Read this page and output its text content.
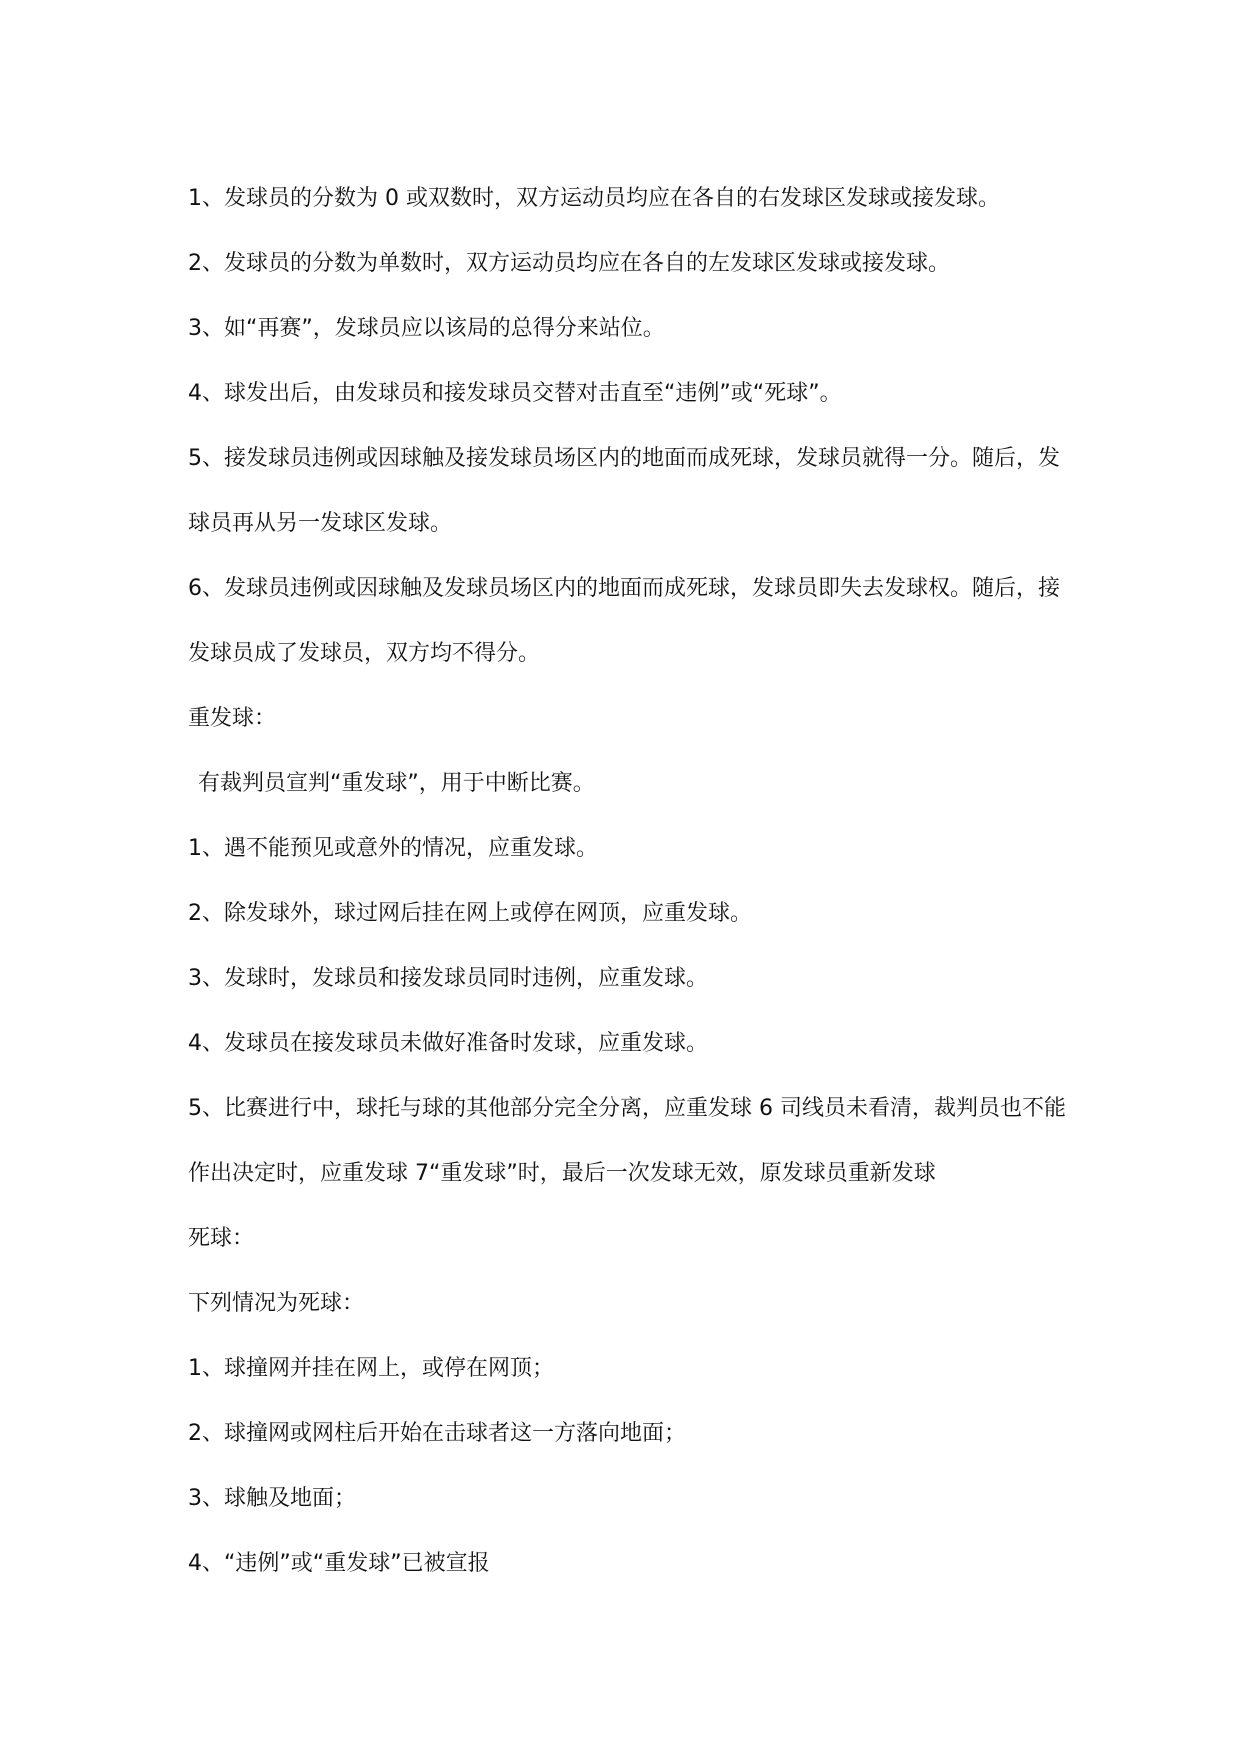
1、发球员的分数为 0 或双数时，双方运动员均应在各自的右发球区发球或接发球。

2、发球员的分数为单数时，双方运动员均应在各自的左发球区发球或接发球。

3、如“再赛”，发球员应以该局的总得分来站位。

4、球发出后，由发球员和接发球员交替对击直至“违例”或“死球”。

5、接发球员违例或因球触及接发球员场区内的地面而成死球，发球员就得一分。随后，发

球员再从另一发球区发球。

6、发球员违例或因球触及发球员场区内的地面而成死球，发球员即失去发球权。随后，接

发球员成了发球员，双方均不得分。

重发球：

有裁判员宣判“重发球”，用于中断比赛。

1、遇不能预见或意外的情况，应重发球。

2、除发球外，球过网后挂在网上或停在网顶，应重发球。

3、发球时，发球员和接发球员同时违例，应重发球。

4、发球员在接发球员未做好准备时发球，应重发球。

5、比赛进行中，球托与球的其他部分完全分离，应重发球 6 司线员未看清，裁判员也不能

作出决定时，应重发球 7“重发球”时，最后一次发球无效，原发球员重新发球

死球：

下列情况为死球：

1、球撞网并挂在网上，或停在网顶；

2、球撞网或网柱后开始在击球者这一方落向地面；

3、球触及地面；

4、“违例”或“重发球”已被宣报
